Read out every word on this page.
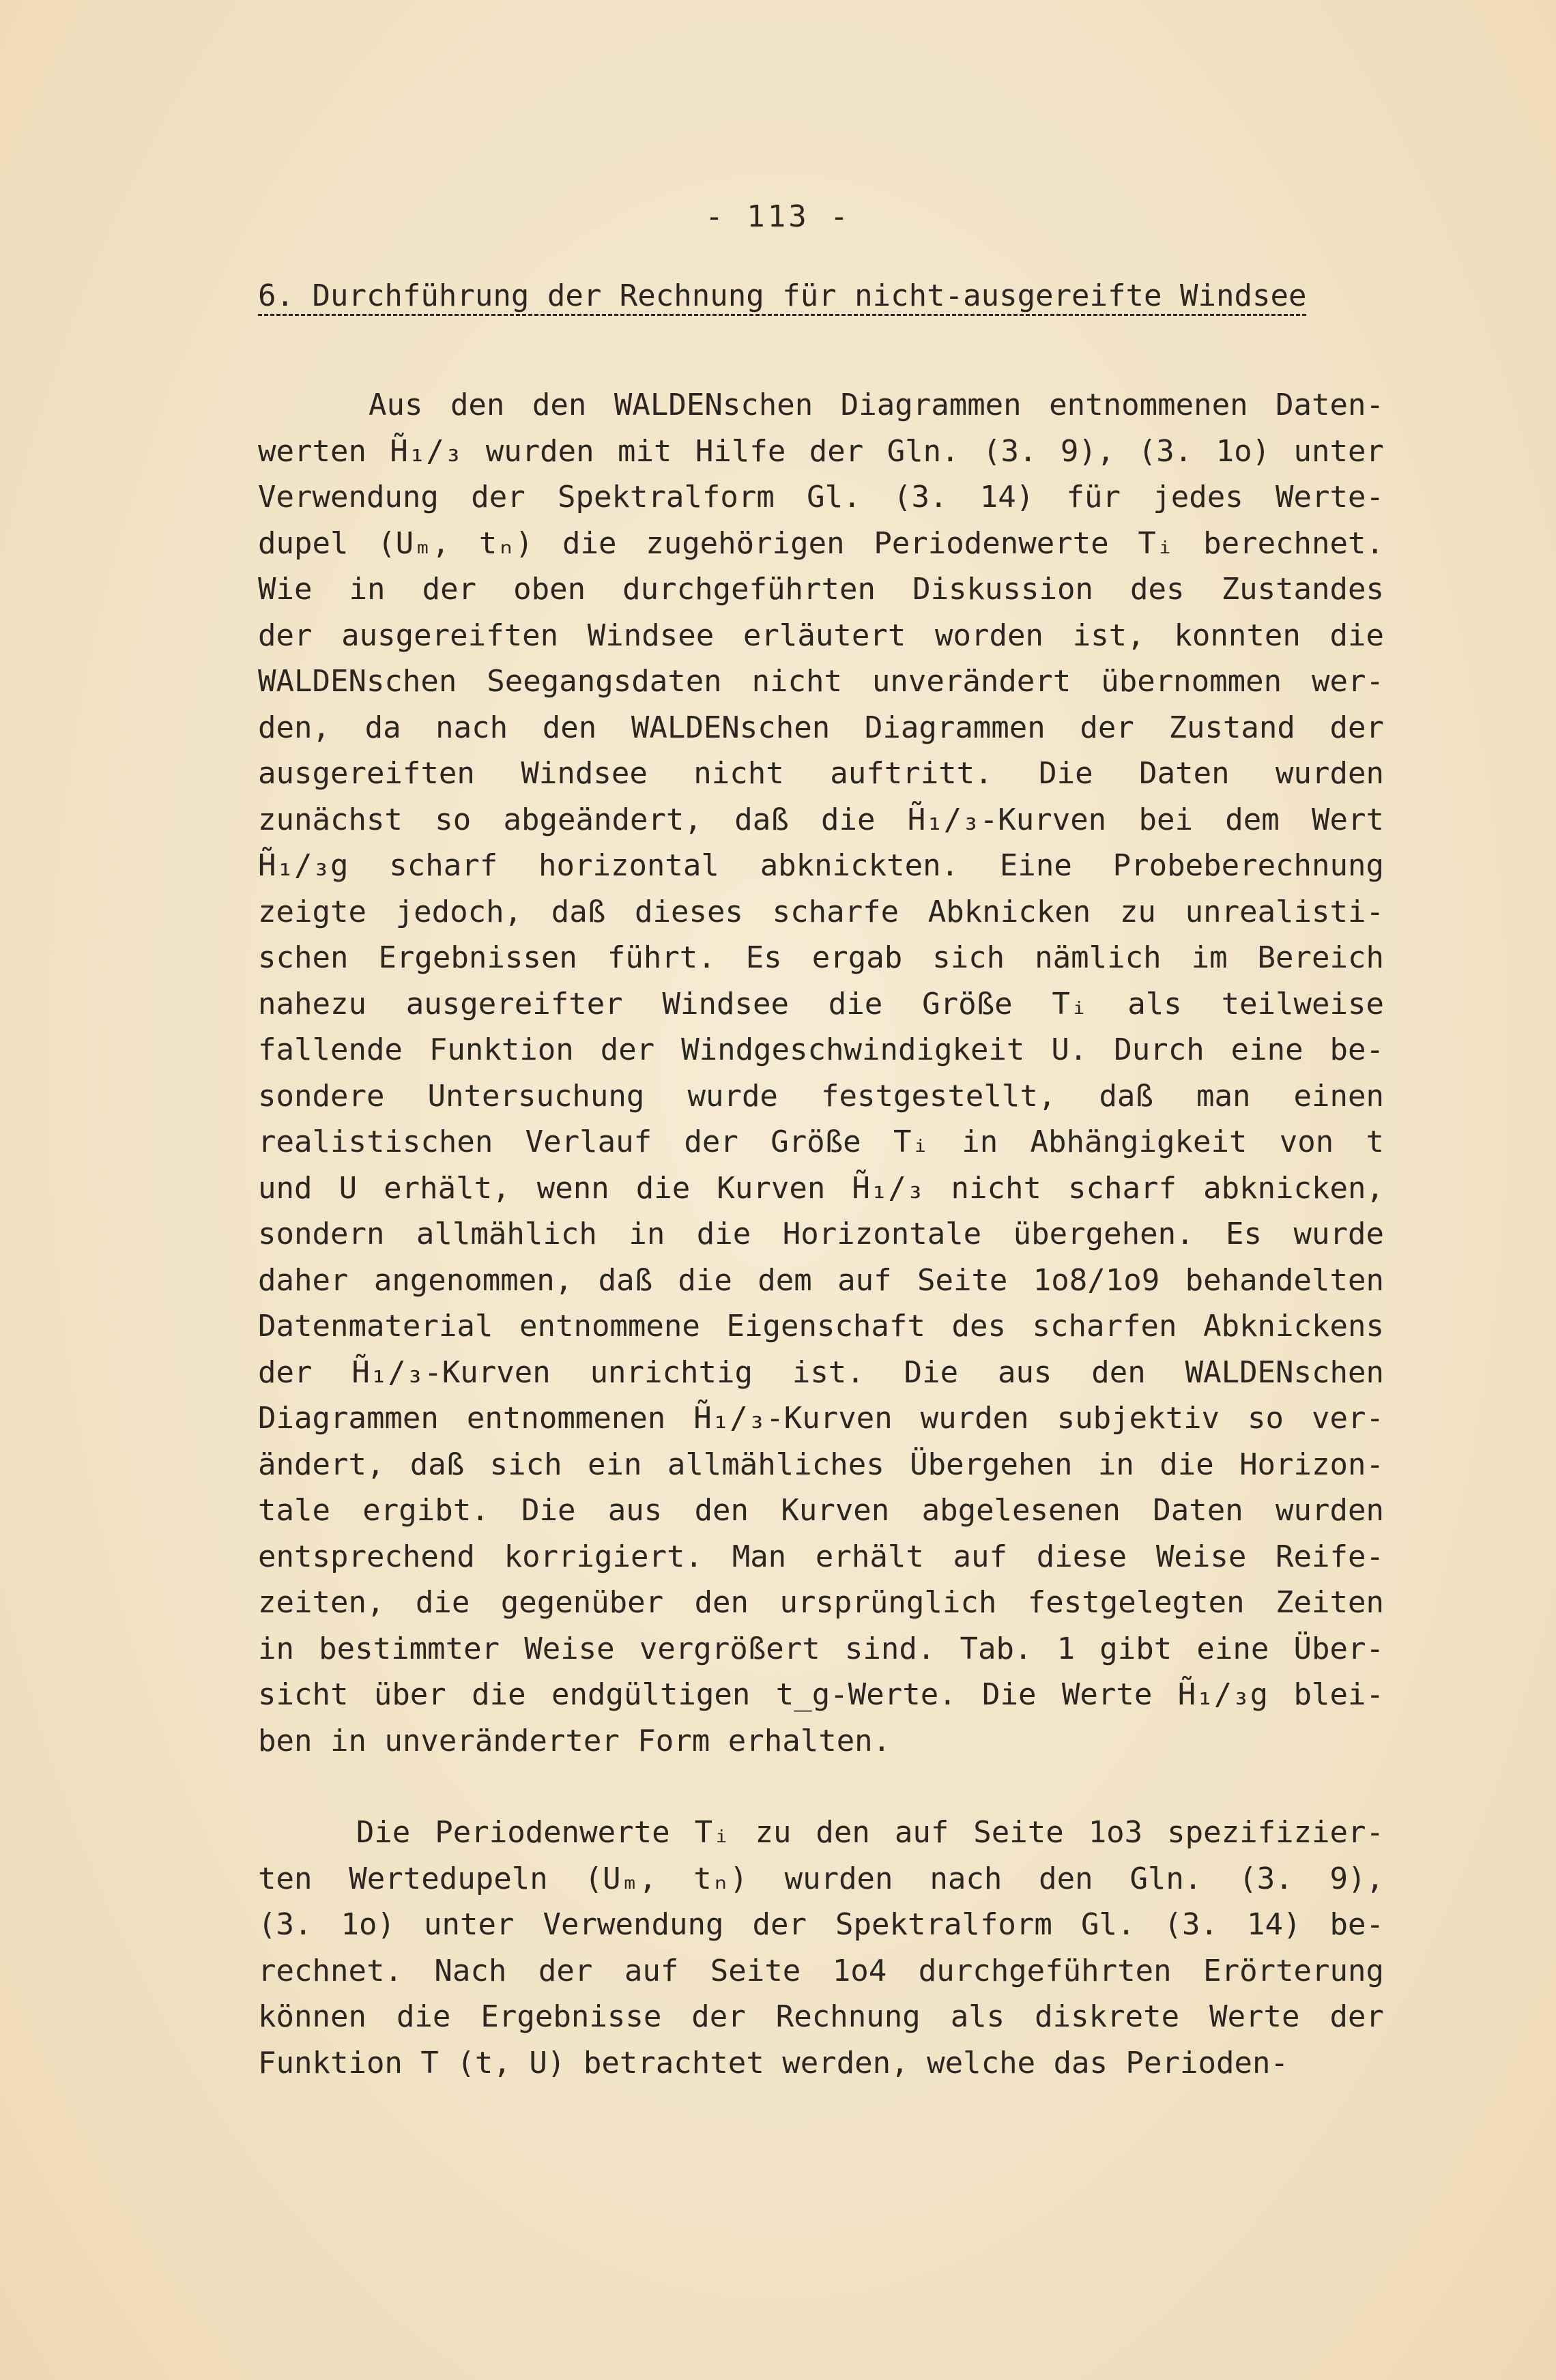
- 113 -
6. Durchführung der Rechnung für nicht-ausgereifte Windsee
Aus den den WALDENschen Diagrammen entnommenen Daten-
werten H̃₁/₃ wurden mit Hilfe der Gln. (3. 9), (3. 1o) unter
Verwendung der Spektralform Gl. (3. 14) für jedes Werte-
dupel (Uₘ, tₙ) die zugehörigen Periodenwerte Tᵢ berechnet.
Wie in der oben durchgeführten Diskussion des Zustandes
der ausgereiften Windsee erläutert worden ist, konnten die
WALDENschen Seegangsdaten nicht unverändert übernommen wer-
den, da nach den WALDENschen Diagrammen der Zustand der
ausgereiften Windsee nicht auftritt. Die Daten wurden
zunächst so abgeändert, daß die H̃₁/₃-Kurven bei dem Wert
H̃₁/₃g scharf horizontal abknickten. Eine Probeberechnung
zeigte jedoch, daß dieses scharfe Abknicken zu unrealisti-
schen Ergebnissen führt. Es ergab sich nämlich im Bereich
nahezu ausgereifter Windsee die Größe Tᵢ als teilweise
fallende Funktion der Windgeschwindigkeit U. Durch eine be-
sondere Untersuchung wurde festgestellt, daß man einen
realistischen Verlauf der Größe Tᵢ in Abhängigkeit von t
und U erhält, wenn die Kurven H̃₁/₃ nicht scharf abknicken,
sondern allmählich in die Horizontale übergehen. Es wurde
daher angenommen, daß die dem auf Seite 1o8/1o9 behandelten
Datenmaterial entnommene Eigenschaft des scharfen Abknickens
der H̃₁/₃-Kurven unrichtig ist. Die aus den WALDENschen
Diagrammen entnommenen H̃₁/₃-Kurven wurden subjektiv so ver-
ändert, daß sich ein allmähliches Übergehen in die Horizon-
tale ergibt. Die aus den Kurven abgelesenen Daten wurden
entsprechend korrigiert. Man erhält auf diese Weise Reife-
zeiten, die gegenüber den ursprünglich festgelegten Zeiten
in bestimmter Weise vergrößert sind. Tab. 1 gibt eine Über-
sicht über die endgültigen t_g-Werte. Die Werte H̃₁/₃g blei-
ben in unveränderter Form erhalten.
Die Periodenwerte Tᵢ zu den auf Seite 1o3 spezifizier-
ten Wertedupeln (Uₘ, tₙ) wurden nach den Gln. (3. 9),
(3. 1o) unter Verwendung der Spektralform Gl. (3. 14) be-
rechnet. Nach der auf Seite 1o4 durchgeführten Erörterung
können die Ergebnisse der Rechnung als diskrete Werte der
Funktion T (t, U) betrachtet werden, welche das Perioden-
